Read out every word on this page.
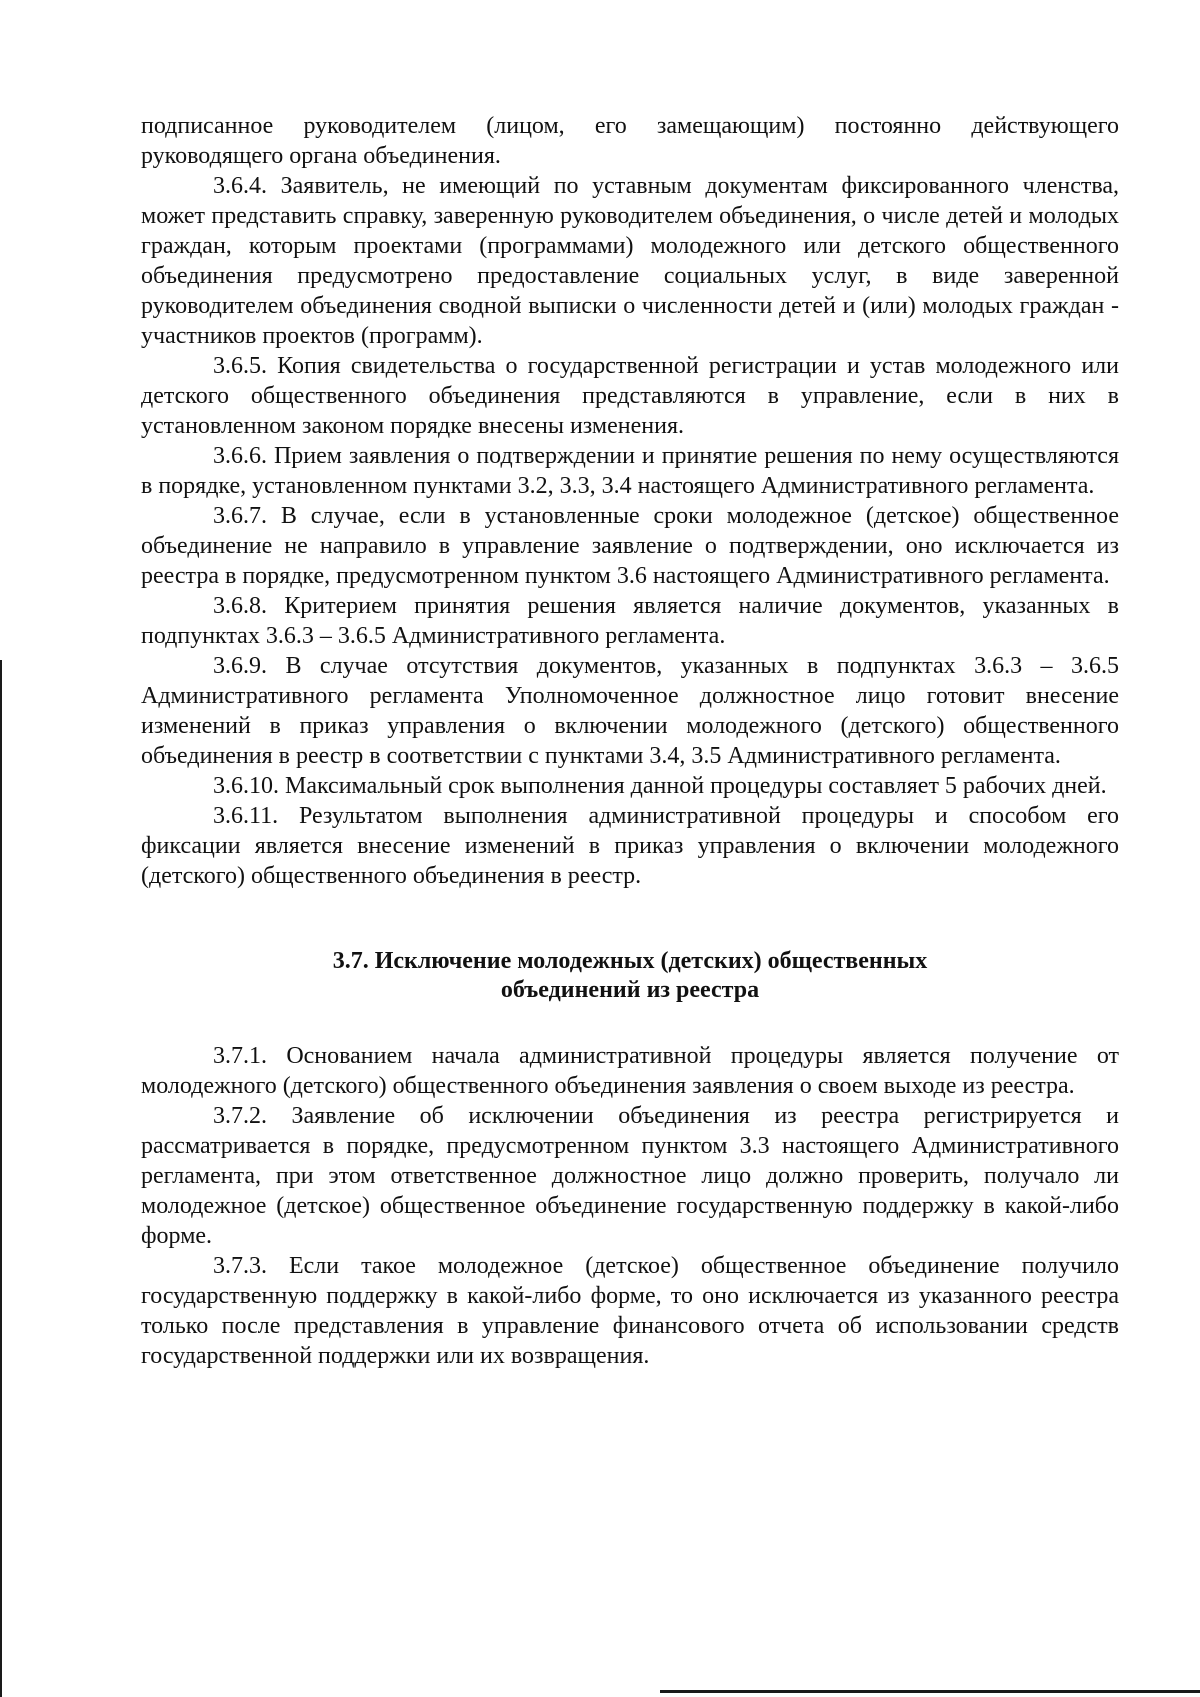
подписанное руководителем (лицом, его замещающим) постоянно действующего руководящего органа объединения.

3.6.4. Заявитель, не имеющий по уставным документам фиксированного членства, может представить справку, заверенную руководителем объединения, о числе детей и молодых граждан, которым проектами (программами) молодежного или детского общественного объединения предусмотрено предоставление социальных услуг, в виде заверенной руководителем объединения сводной выписки о численности детей и (или) молодых граждан - участников проектов (программ).

3.6.5. Копия свидетельства о государственной регистрации и устав молодежного или детского общественного объединения представляются в управление, если в них в установленном законом порядке внесены изменения.

3.6.6. Прием заявления о подтверждении и принятие решения по нему осуществляются в порядке, установленном пунктами 3.2, 3.3, 3.4 настоящего Административного регламента.

3.6.7. В случае, если в установленные сроки молодежное (детское) общественное объединение не направило в управление заявление о подтверждении, оно исключается из реестра в порядке, предусмотренном пунктом 3.6 настоящего Административного регламента.

3.6.8. Критерием принятия решения является наличие документов, указанных в подпунктах 3.6.3 – 3.6.5 Административного регламента.

3.6.9. В случае отсутствия документов, указанных в подпунктах 3.6.3 – 3.6.5 Административного регламента Уполномоченное должностное лицо готовит внесение изменений в приказ управления о включении молодежного (детского) общественного объединения в реестр в соответствии с пунктами 3.4, 3.5 Административного регламента.

3.6.10. Максимальный срок выполнения данной процедуры составляет 5 рабочих дней.

3.6.11. Результатом выполнения административной процедуры и способом его фиксации является внесение изменений в приказ управления о включении молодежного (детского) общественного объединения в реестр.

3.7. Исключение молодежных (детских) общественных
объединений из реестра

3.7.1. Основанием начала административной процедуры является получение от молодежного (детского) общественного объединения заявления о своем выходе из реестра.

3.7.2. Заявление об исключении объединения из реестра регистрируется и рассматривается в порядке, предусмотренном пунктом 3.3 настоящего Административного регламента, при этом ответственное должностное лицо должно проверить, получало ли молодежное (детское) общественное объединение государственную поддержку в какой-либо форме.

3.7.3. Если такое молодежное (детское) общественное объединение получило государственную поддержку в какой-либо форме, то оно исключается из указанного реестра только после представления в управление финансового отчета об использовании средств государственной поддержки или их возвращения.
